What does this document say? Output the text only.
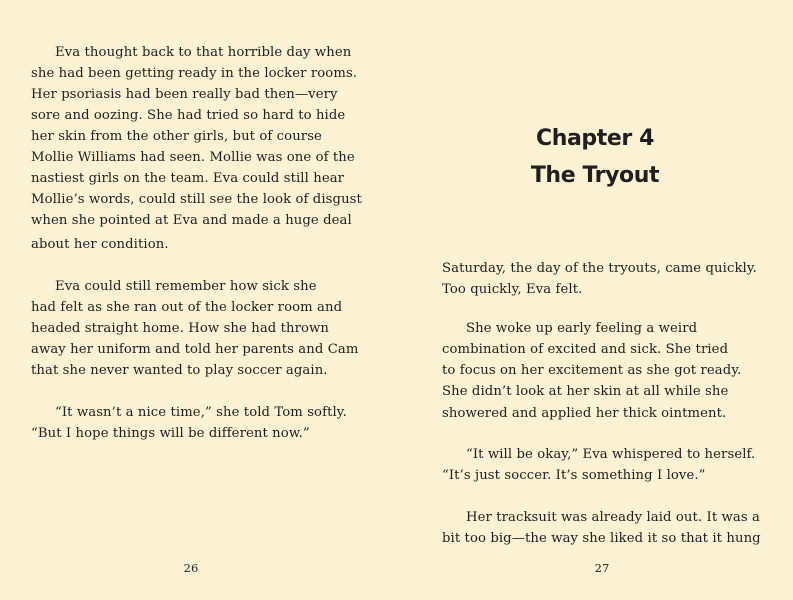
Eva thought back to that horrible day when
she had been getting ready in the locker rooms.
Her psoriasis had been really bad then—very
sore and oozing. She had tried so hard to hide
her skin from the other girls, but of course
Mollie Williams had seen. Mollie was one of the
nastiest girls on the team. Eva could still hear
Mollie’s words, could still see the look of disgust
when she pointed at Eva and made a huge deal
about her condition.
Eva could still remember how sick she
had felt as she ran out of the locker room and
headed straight home. How she had thrown
away her uniform and told her parents and Cam
that she never wanted to play soccer again.
“It wasn’t a nice time,” she told Tom softly.
“But I hope things will be different now.”
26
Chapter 4
The Tryout
Saturday, the day of the tryouts, came quickly.
Too quickly, Eva felt.
She woke up early feeling a weird
combination of excited and sick. She tried
to focus on her excitement as she got ready.
She didn’t look at her skin at all while she
showered and applied her thick ointment.
“It will be okay,” Eva whispered to herself.
“It’s just soccer. It’s something I love.”
Her tracksuit was already laid out. It was a
bit too big—the way she liked it so that it hung
27
